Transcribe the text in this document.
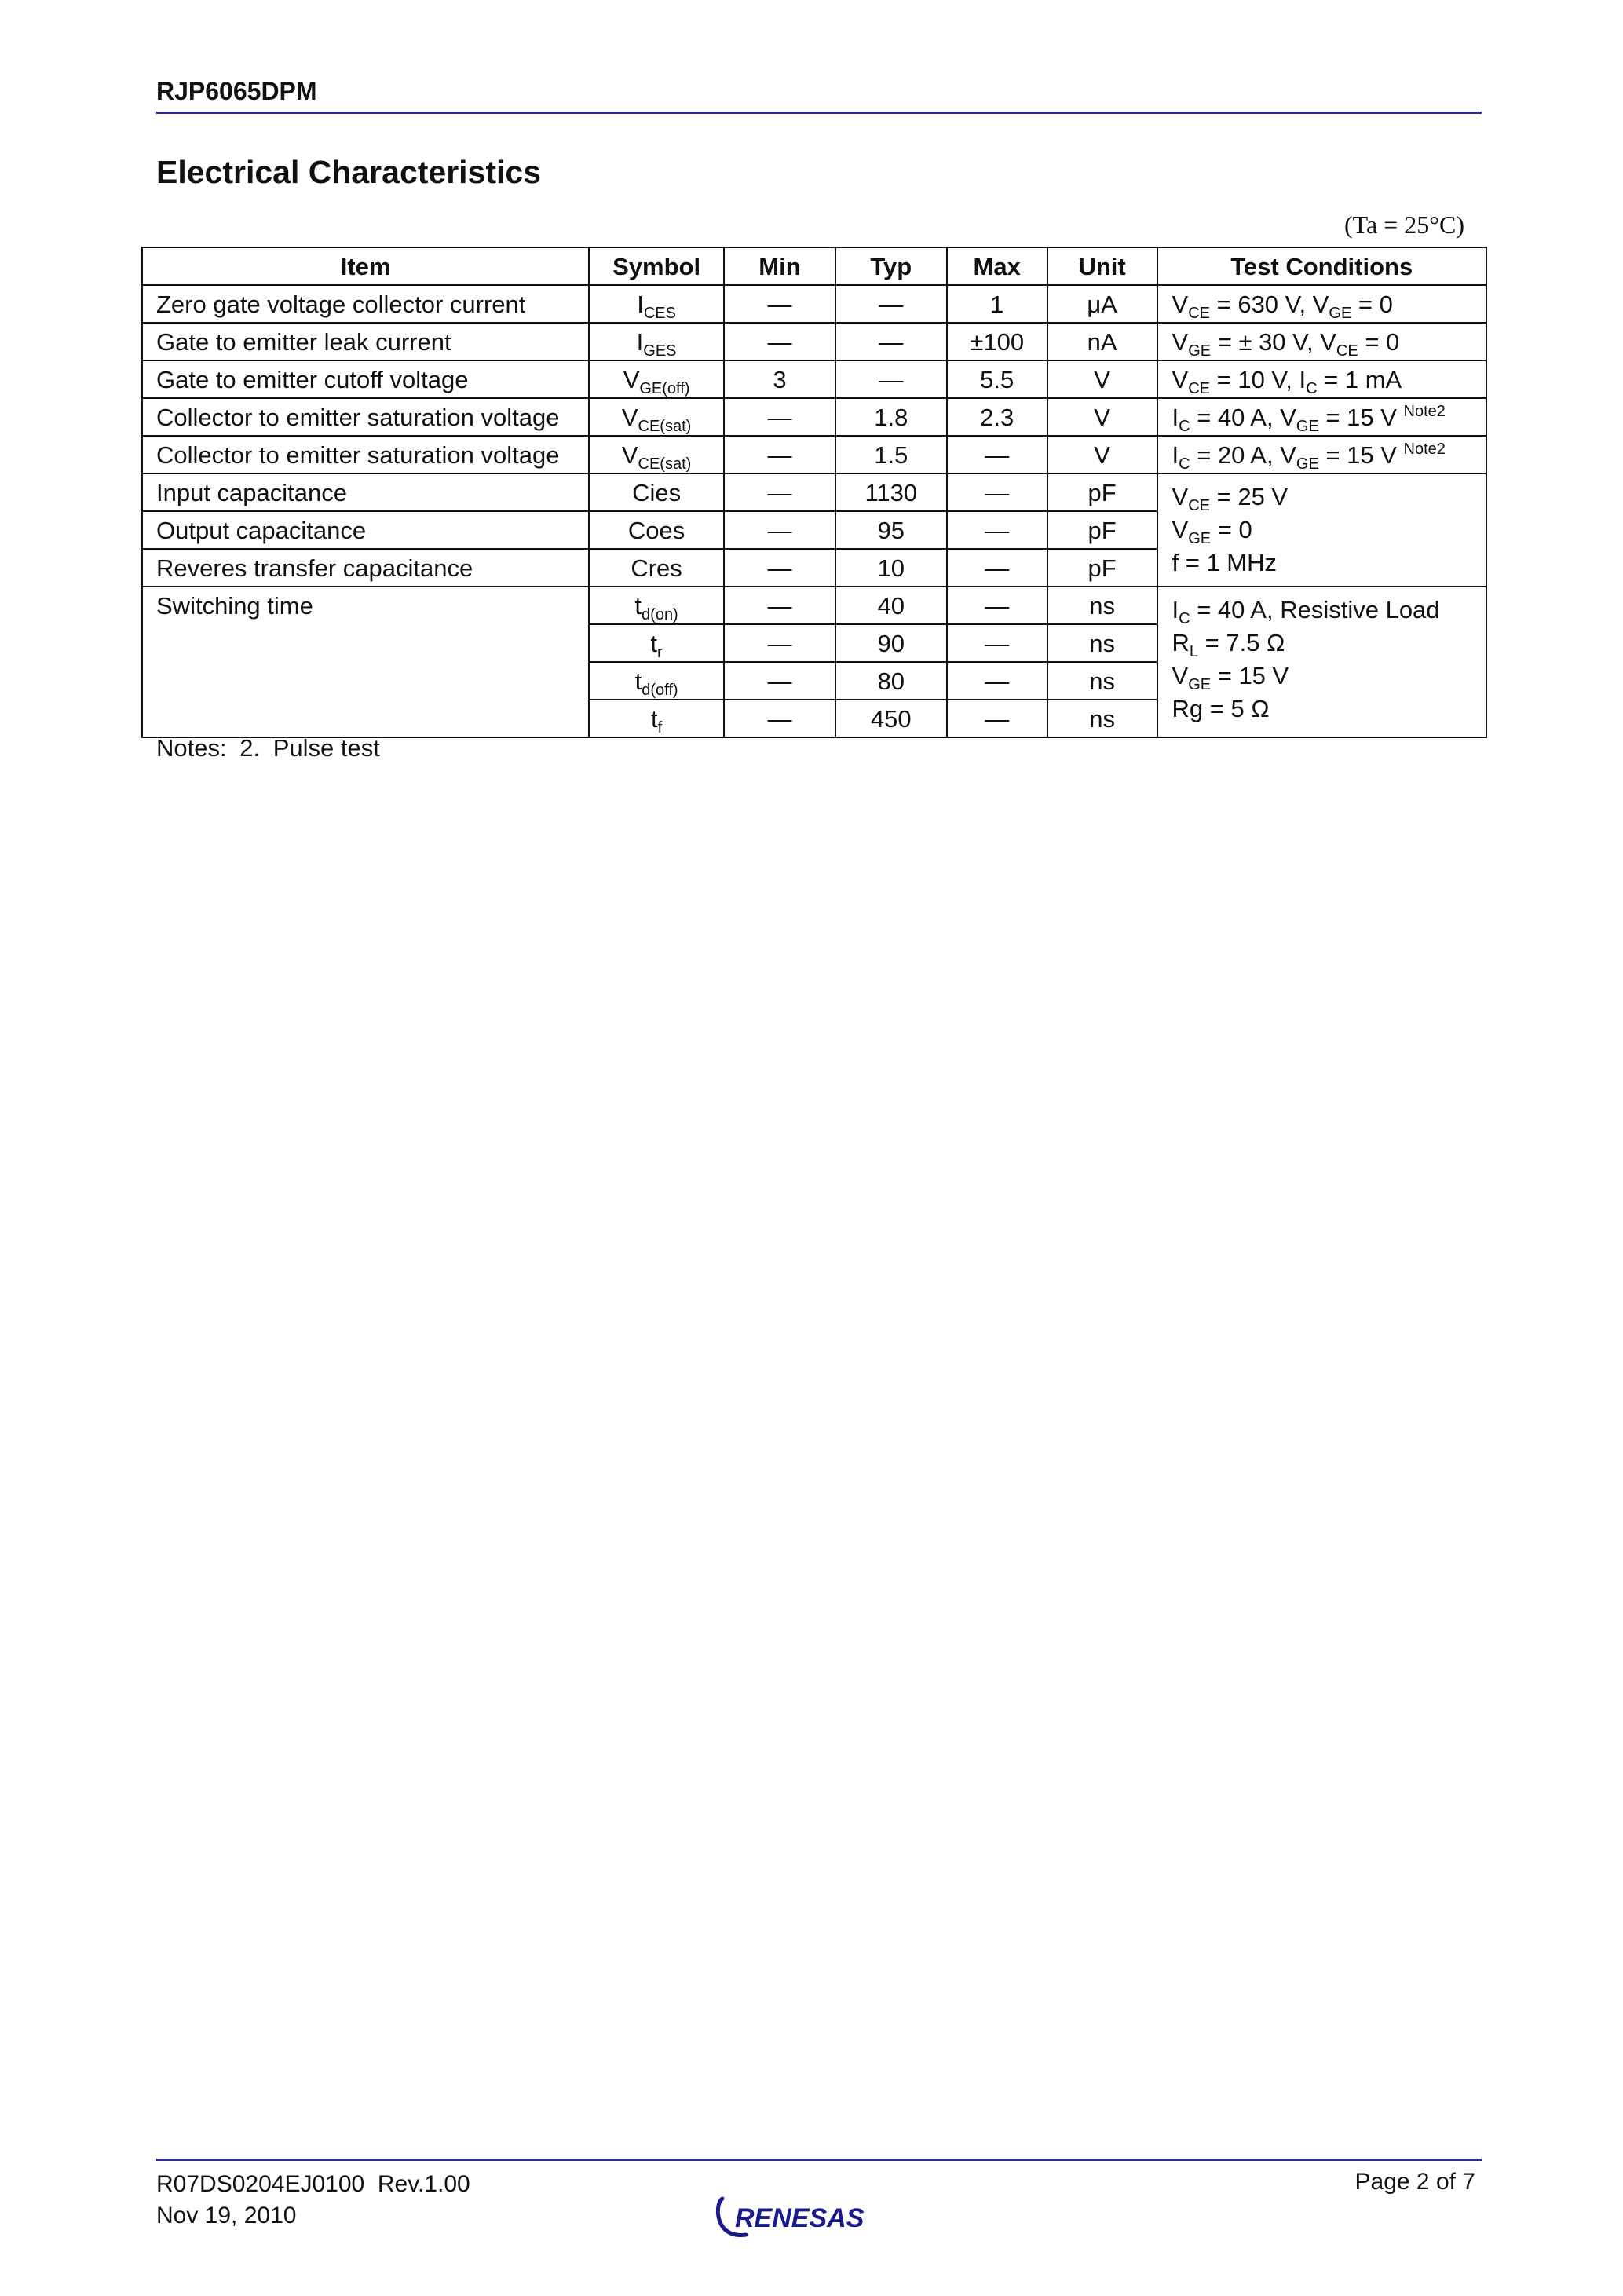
RJP6065DPM
Electrical Characteristics
(Ta = 25°C)
Item	Symbol	Min	Typ	Max	Unit	Test Conditions
Zero gate voltage collector current	$I_{CES}$	—	—	1	μA	$V_{CE} = 630$ V, $V_{GE} = 0$
Gate to emitter leak current	$I_{GES}$	—	—	±100	nA	$V_{GE}$ = ± 30 V, $V_{CE} = 0$
Gate to emitter cutoff voltage	$V_{GE(off)}$	3	—	5.5	V	$V_{CE} = 10$ V, $I_C = 1$ mA
Collector to emitter saturation voltage	$V_{CE(sat)}$	—	1.8	2.3	V	$I_C = 40$ A, $V_{GE} = 15$ V $^{Note2}$
Collector to emitter saturation voltage	$V_{CE(sat)}$	—	1.5	—	V	$I_C = 20$ A, $V_{GE} = 15$ V $^{Note2}$
Input capacitance	Cies	—	1130	—	pF	$V_{CE} = 25$ V
$V_{GE} = 0$
f = 1 MHz

Output capacitance	Coes	—	95	—	pF	
Reveres transfer capacitance	Cres	—	10	—	pF	
Switching time	$t_{d(on)}$	—	40	—	ns	$I_C = 40$ A, Resistive Load
$R_L = 7.5$ Ω
$V_{GE} = 15$ V
Rg = 5 Ω

	$t_r$	—	90	—	ns	
	$t_{d(off)}$	—	80	—	ns	
	$t_f$	—	450	—	ns	
Notes: 2. Pulse test
R07DS0204EJ0100 Rev.1.00
Nov 19, 2010
Page 2 of 7
RENESAS
